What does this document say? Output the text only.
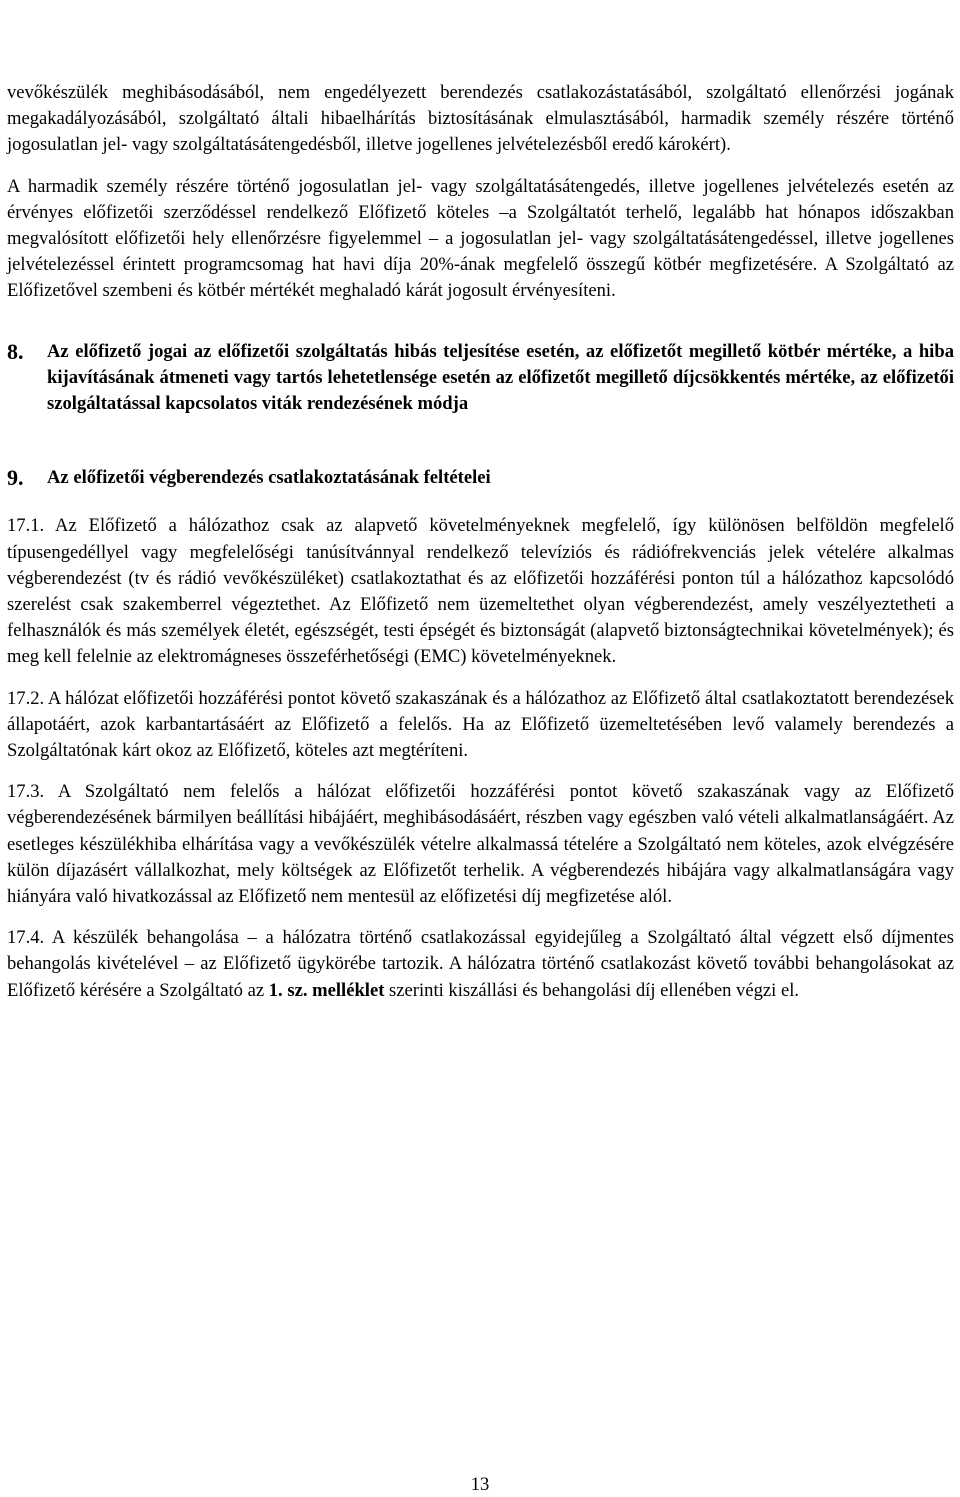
vevőkészülék meghibásodásából, nem engedélyezett berendezés csatlakozástatásából, szolgáltató ellenőrzési jogának megakadályozásából, szolgáltató általi hibaelhárítás biztosításának elmulasztásából, harmadik személy részére történő jogosulatlan jel- vagy szolgáltatásátengedésből, illetve jogellenes jelvételezésből eredő károkért).

A harmadik személy részére történő jogosulatlan jel- vagy szolgáltatásátengedés, illetve jogellenes jelvételezés esetén az érvényes előfizetői szerződéssel rendelkező Előfizető köteles –a Szolgáltatót terhelő, legalább hat hónapos időszakban megvalósított előfizetői hely ellenőrzésre figyelemmel – a jogosulatlan jel- vagy szolgáltatásátengedéssel, illetve jogellenes jelvételezéssel érintett programcsomag hat havi díja 20%-ának megfelelő összegű kötbér megfizetésére. A Szolgáltató az Előfizetővel szembeni és kötbér mértékét meghaladó kárát jogosult érvényesíteni.

8.	Az előfizető jogai az előfizetői szolgáltatás hibás teljesítése esetén, az előfizetőt megillető kötbér mértéke, a hiba kijavításának átmeneti vagy tartós lehetetlensége esetén az előfizetőt megillető díjcsökkentés mértéke, az előfizetői szolgáltatással kapcsolatos viták rendezésének módja
9.	Az előfizetői végberendezés csatlakoztatásának feltételei

17.1. Az Előfizető a hálózathoz csak az alapvető követelményeknek megfelelő, így különösen belföldön megfelelő típusengedéllyel vagy megfelelőségi tanúsítvánnyal rendelkező televíziós és rádiófrekvenciás jelek vételére alkalmas végberendezést (tv és rádió vevőkészüléket) csatlakoztathat és az előfizetői hozzáférési ponton túl a hálózathoz kapcsolódó szerelést csak szakemberrel végeztethet. Az Előfizető nem üzemeltethet olyan végberendezést, amely veszélyeztetheti a felhasználók és más személyek életét, egészségét, testi épségét és biztonságát (alapvető biztonságtechnikai követelmények); és meg kell felelnie az elektromágneses összeférhetőségi (EMC) követelményeknek.

17.2. A hálózat előfizetői hozzáférési pontot követő szakaszának és a hálózathoz az Előfizető által csatlakoztatott berendezések állapotáért, azok karbantartásáért az Előfizető a felelős. Ha az Előfizető üzemeltetésében levő valamely berendezés a Szolgáltatónak kárt okoz az Előfizető, köteles azt megtéríteni.

17.3. A Szolgáltató nem felelős a hálózat előfizetői hozzáférési pontot követő szakaszának vagy az Előfizető végberendezésének bármilyen beállítási hibájáért, meghibásodásáért, részben vagy egészben való vételi alkalmatlanságáért. Az esetleges készülékhiba elhárítása vagy a vevőkészülék vételre alkalmassá tételére a Szolgáltató nem köteles, azok elvégzésére külön díjazásért vállalkozhat, mely költségek az Előfizetőt terhelik. A végberendezés hibájára vagy alkalmatlanságára vagy hiányára való hivatkozással az Előfizető nem mentesül az előfizetési díj megfizetése alól.

17.4. A készülék behangolása – a hálózatra történő csatlakozással egyidejűleg a Szolgáltató által végzett első díjmentes behangolás kivételével – az Előfizető ügykörébe tartozik. A hálózatra történő csatlakozást követő további behangolásokat az Előfizető kérésére a Szolgáltató az 1. sz. melléklet szerinti kiszállási és behangolási díj ellenében végzi el.

13
